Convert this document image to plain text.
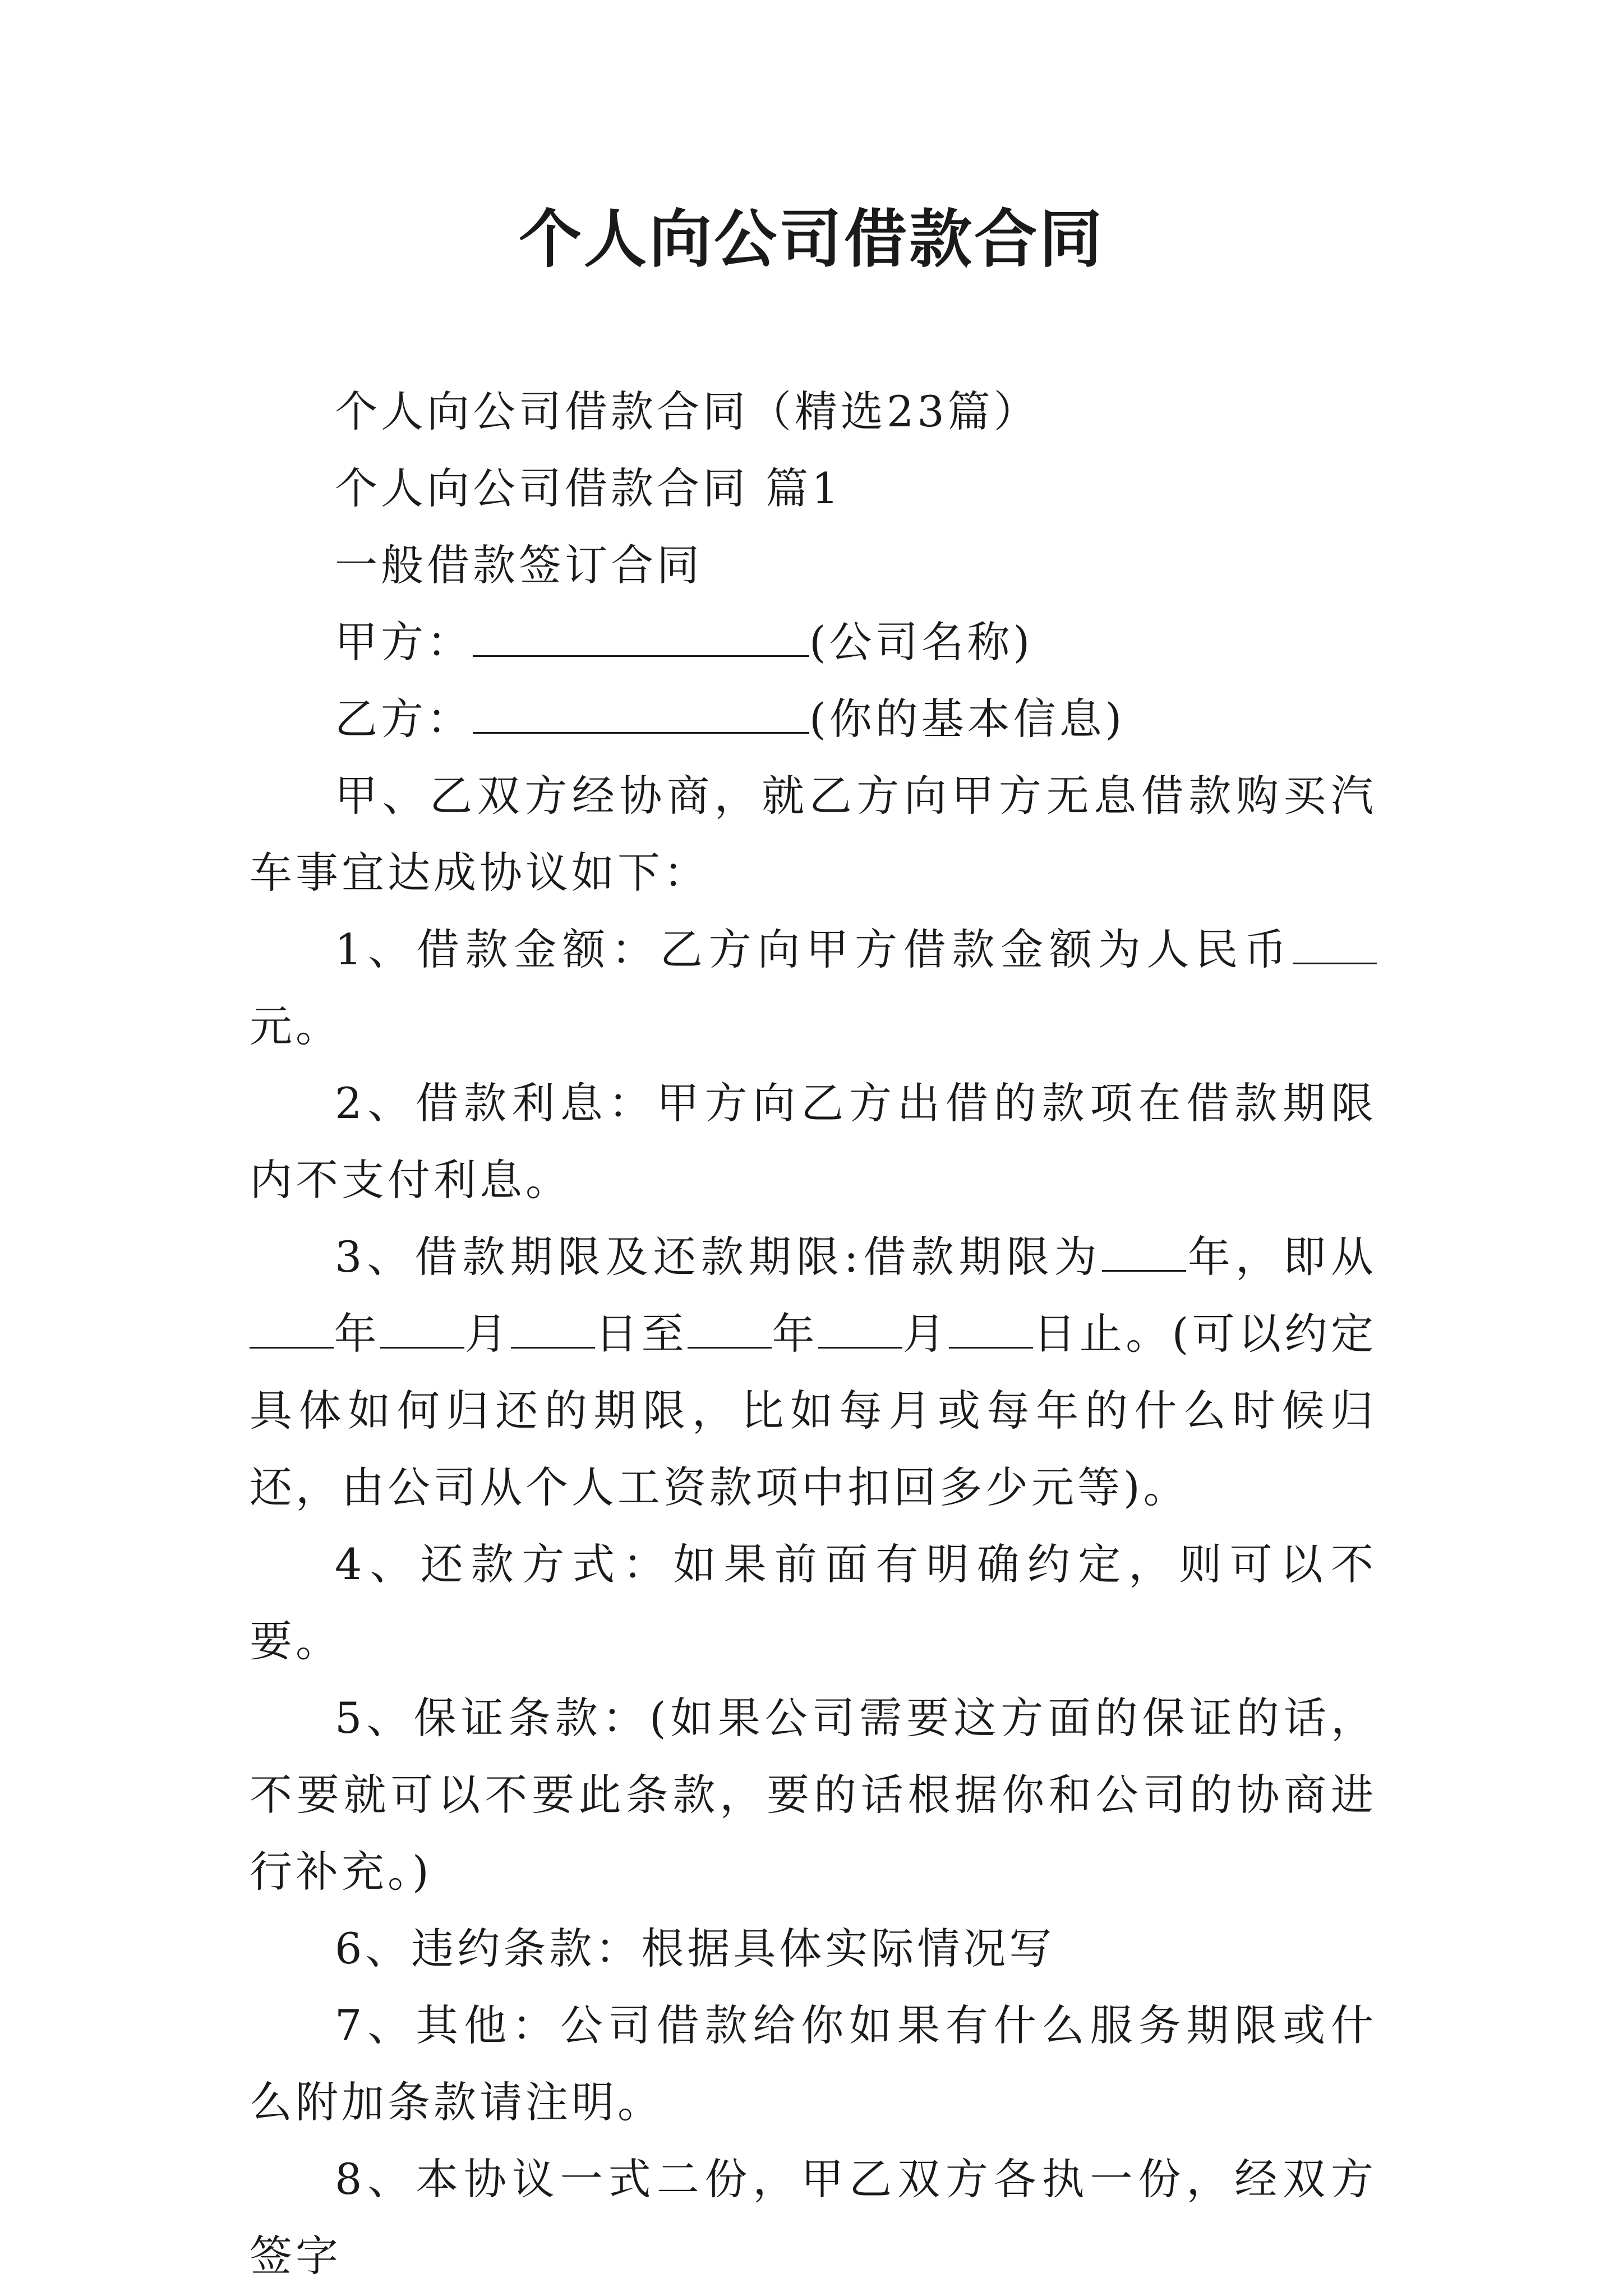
个人向公司借款合同

个人向公司借款合同（精选23篇）

个人向公司借款合同 篇1

一般借款签订合同

甲方：	(公司名称)

乙方：	(你的基本信息)

甲、乙双方经协商，就乙方向甲方无息借款购买汽车事宜达成协议如下：

1、借款金额：乙方向甲方借款金额为人民币元。

2、借款利息：甲方向乙方出借的款项在借款期限内不支付利息。

3、借款期限及还款期限:借款期限为 年，即从年 月 日至 年 月 日止。(可以约定具体如何归还的期限，比如每月或每年的什么时候归还，由公司从个人工资款项中扣回多少元等)。

4、还款方式：如果前面有明确约定，则可以不要。

5、保证条款：(如果公司需要这方面的保证的话，不要就可以不要此条款，要的话根据你和公司的协商进行补充。)

6、违约条款：根据具体实际情况写

7、其他：公司借款给你如果有什么服务期限或什么附加条款请注明。

8、本协议一式二份，甲乙双方各执一份，经双方签字
